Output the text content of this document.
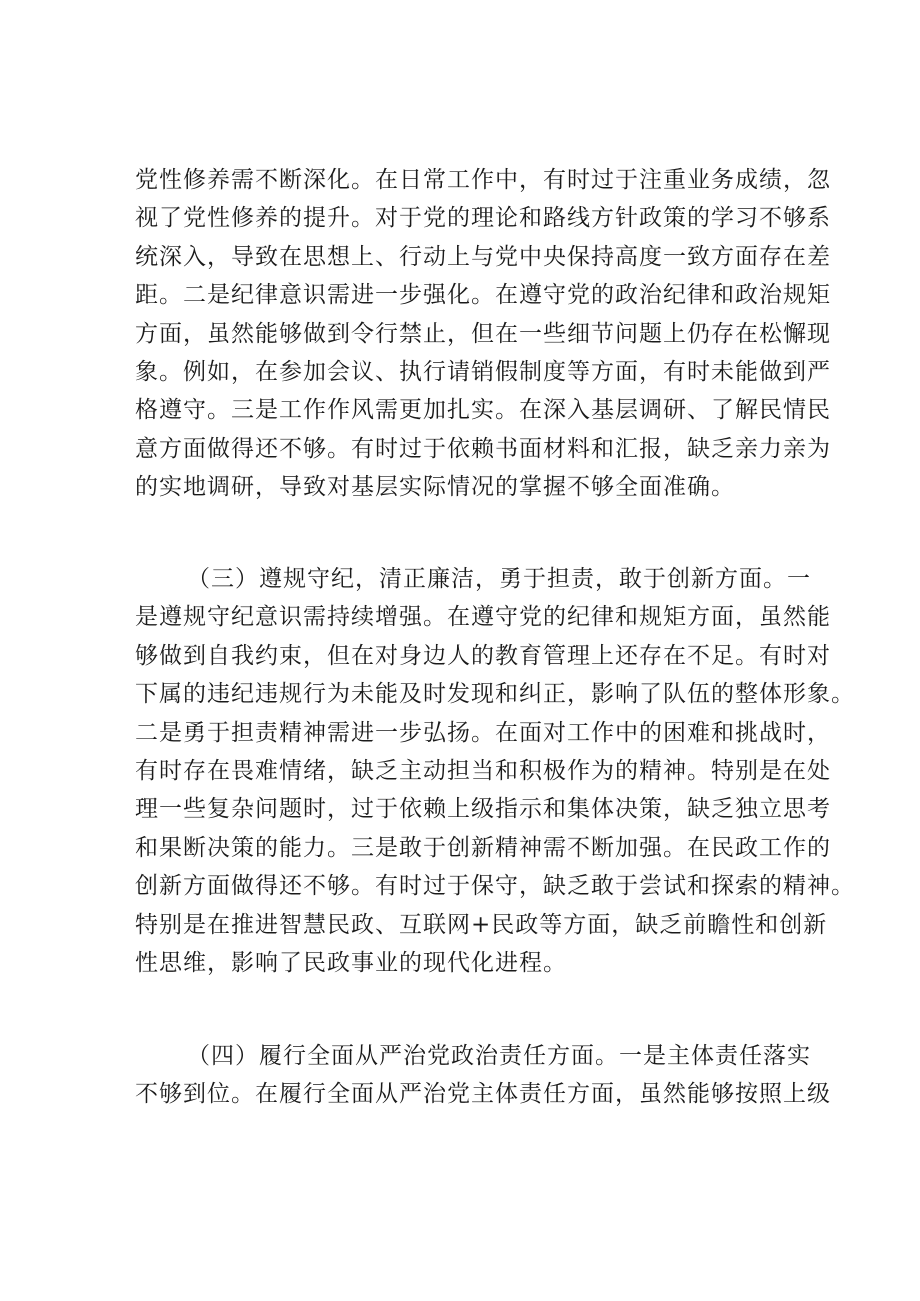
党性修养需不断深化。在日常工作中，有时过于注重业务成绩，忽
视了党性修养的提升。对于党的理论和路线方针政策的学习不够系
统深入，导致在思想上、行动上与党中央保持高度一致方面存在差
距。二是纪律意识需进一步强化。在遵守党的政治纪律和政治规矩
方面，虽然能够做到令行禁止，但在一些细节问题上仍存在松懈现
象。例如，在参加会议、执行请销假制度等方面，有时未能做到严
格遵守。三是工作作风需更加扎实。在深入基层调研、了解民情民
意方面做得还不够。有时过于依赖书面材料和汇报，缺乏亲力亲为
的实地调研，导致对基层实际情况的掌握不够全面准确。
（三）遵规守纪，清正廉洁，勇于担责，敢于创新方面。一
是遵规守纪意识需持续增强。在遵守党的纪律和规矩方面，虽然能
够做到自我约束，但在对身边人的教育管理上还存在不足。有时对
下属的违纪违规行为未能及时发现和纠正，影响了队伍的整体形象。
二是勇于担责精神需进一步弘扬。在面对工作中的困难和挑战时，
有时存在畏难情绪，缺乏主动担当和积极作为的精神。特别是在处
理一些复杂问题时，过于依赖上级指示和集体决策，缺乏独立思考
和果断决策的能力。三是敢于创新精神需不断加强。在民政工作的
创新方面做得还不够。有时过于保守，缺乏敢于尝试和探索的精神。
特别是在推进智慧民政、互联网+民政等方面，缺乏前瞻性和创新
性思维，影响了民政事业的现代化进程。
（四）履行全面从严治党政治责任方面。一是主体责任落实
不够到位。在履行全面从严治党主体责任方面，虽然能够按照上级
